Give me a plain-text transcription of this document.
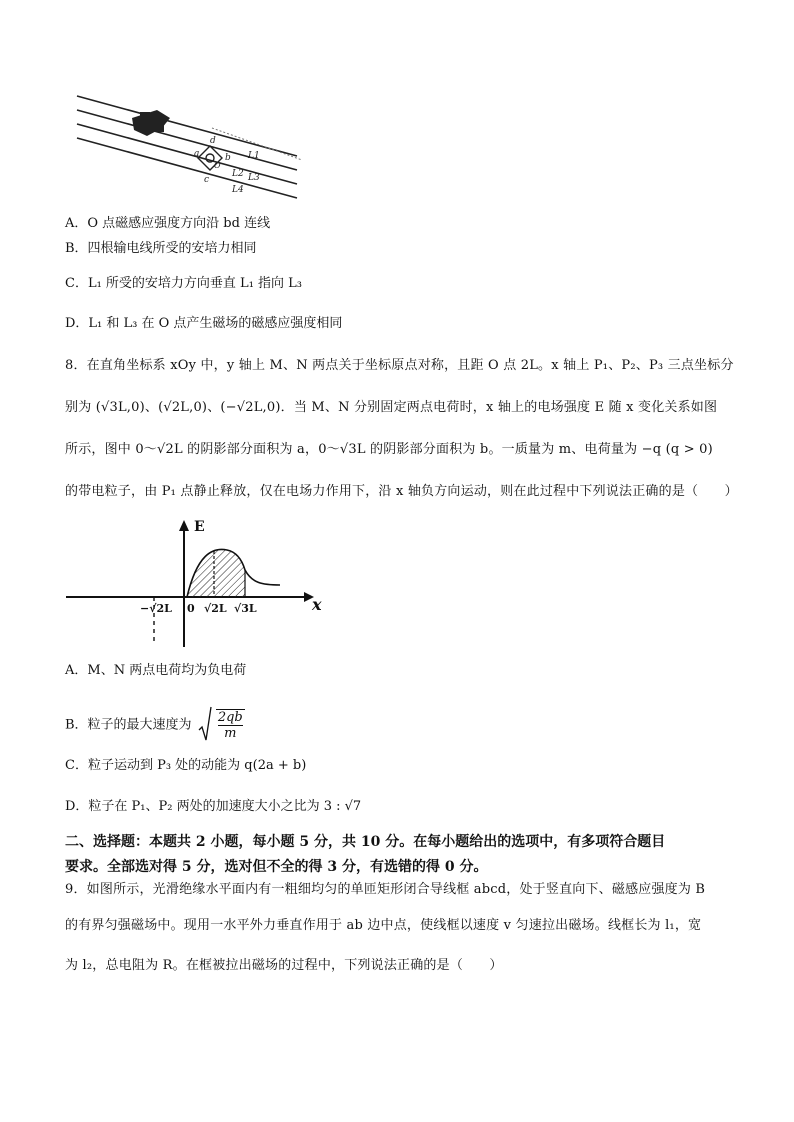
a	b
c
d
O
L1
L2 L3
L4
A．O 点磁感应强度方向沿 bd 连线
B．四根输电线所受的安培力相同
C．L₁ 所受的安培力方向垂直 L₁ 指向 L₃
D．L₁ 和 L₃ 在 O 点产生磁场的磁感应强度相同
8．在直角坐标系 xOy 中，y 轴上 M、N 两点关于坐标原点对称，且距 O 点 2L。x 轴上 P₁、P₂、P₃ 三点坐标分
别为 (√3L,0)、(√2L,0)、(−√2L,0)．当 M、N 分别固定两点电荷时，x 轴上的电场强度 E 随 x 变化关系如图
所示，图中 0～√2L 的阴影部分面积为 a，0～√3L 的阴影部分面积为 b。一质量为 m、电荷量为 −q (q > 0)
的带电粒子，由 P₁ 点静止释放，仅在电场力作用下，沿 x 轴负方向运动，则在此过程中下列说法正确的是（　　）
E
x
−√2L 0 √2L √3L
A．M、N 两点电荷均为负电荷
B．粒子的最大速度为 $\frac{2qb}{m}$
C．粒子运动到 P₃ 处的动能为 q(2a + b)
D．粒子在 P₁、P₂ 两处的加速度大小之比为 3 : √7
二、选择题：本题共 2 小题，每小题 5 分，共 10 分。在每小题给出的选项中，有多项符合题目
要求。全部选对得 5 分，选对但不全的得 3 分，有选错的得 0 分。
9．如图所示，光滑绝缘水平面内有一粗细均匀的单匝矩形闭合导线框 abcd，处于竖直向下、磁感应强度为 B
的有界匀强磁场中。现用一水平外力垂直作用于 ab 边中点，使线框以速度 v 匀速拉出磁场。线框长为 l₁，宽
为 l₂，总电阻为 R。在框被拉出磁场的过程中，下列说法正确的是（　　）
